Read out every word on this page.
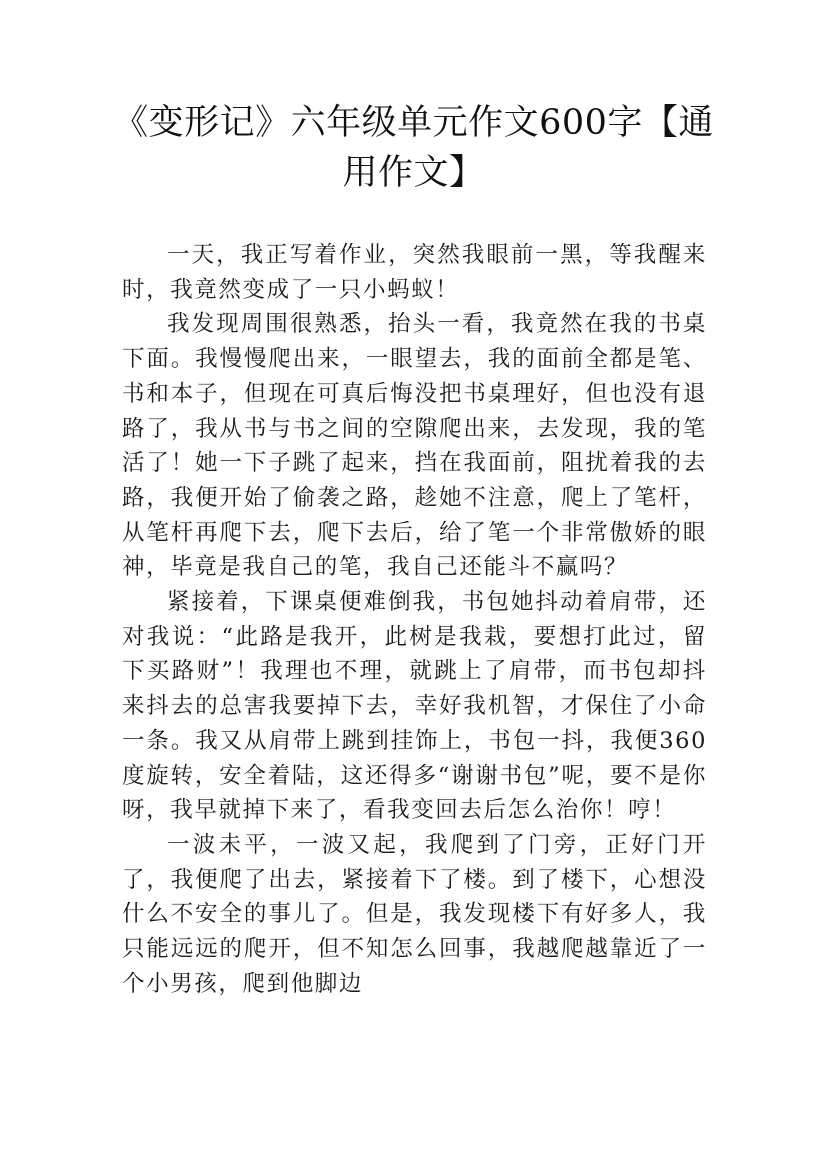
《变形记》六年级单元作文600字【通用作文】

一天，我正写着作业，突然我眼前一黑，等我醒来时，我竟然变成了一只小蚂蚁！

我发现周围很熟悉，抬头一看，我竟然在我的书桌下面。我慢慢爬出来，一眼望去，我的面前全都是笔、书和本子，但现在可真后悔没把书桌理好，但也没有退路了，我从书与书之间的空隙爬出来，去发现，我的笔活了！她一下子跳了起来，挡在我面前，阻扰着我的去路，我便开始了偷袭之路，趁她不注意，爬上了笔杆，从笔杆再爬下去，爬下去后，给了笔一个非常傲娇的眼神，毕竟是我自己的笔，我自己还能斗不赢吗？

紧接着，下课桌便难倒我，书包她抖动着肩带，还对我说：“此路是我开，此树是我栽，要想打此过，留下买路财”！我理也不理，就跳上了肩带，而书包却抖来抖去的总害我要掉下去，幸好我机智，才保住了小命一条。我又从肩带上跳到挂饰上，书包一抖，我便360度旋转，安全着陆，这还得多“谢谢书包”呢，要不是你呀，我早就掉下来了，看我变回去后怎么治你！哼！

一波未平，一波又起，我爬到了门旁，正好门开了，我便爬了出去，紧接着下了楼。到了楼下，心想没什么不安全的事儿了。但是，我发现楼下有好多人，我只能远远的爬开，但不知怎么回事，我越爬越靠近了一个小男孩，爬到他脚边
